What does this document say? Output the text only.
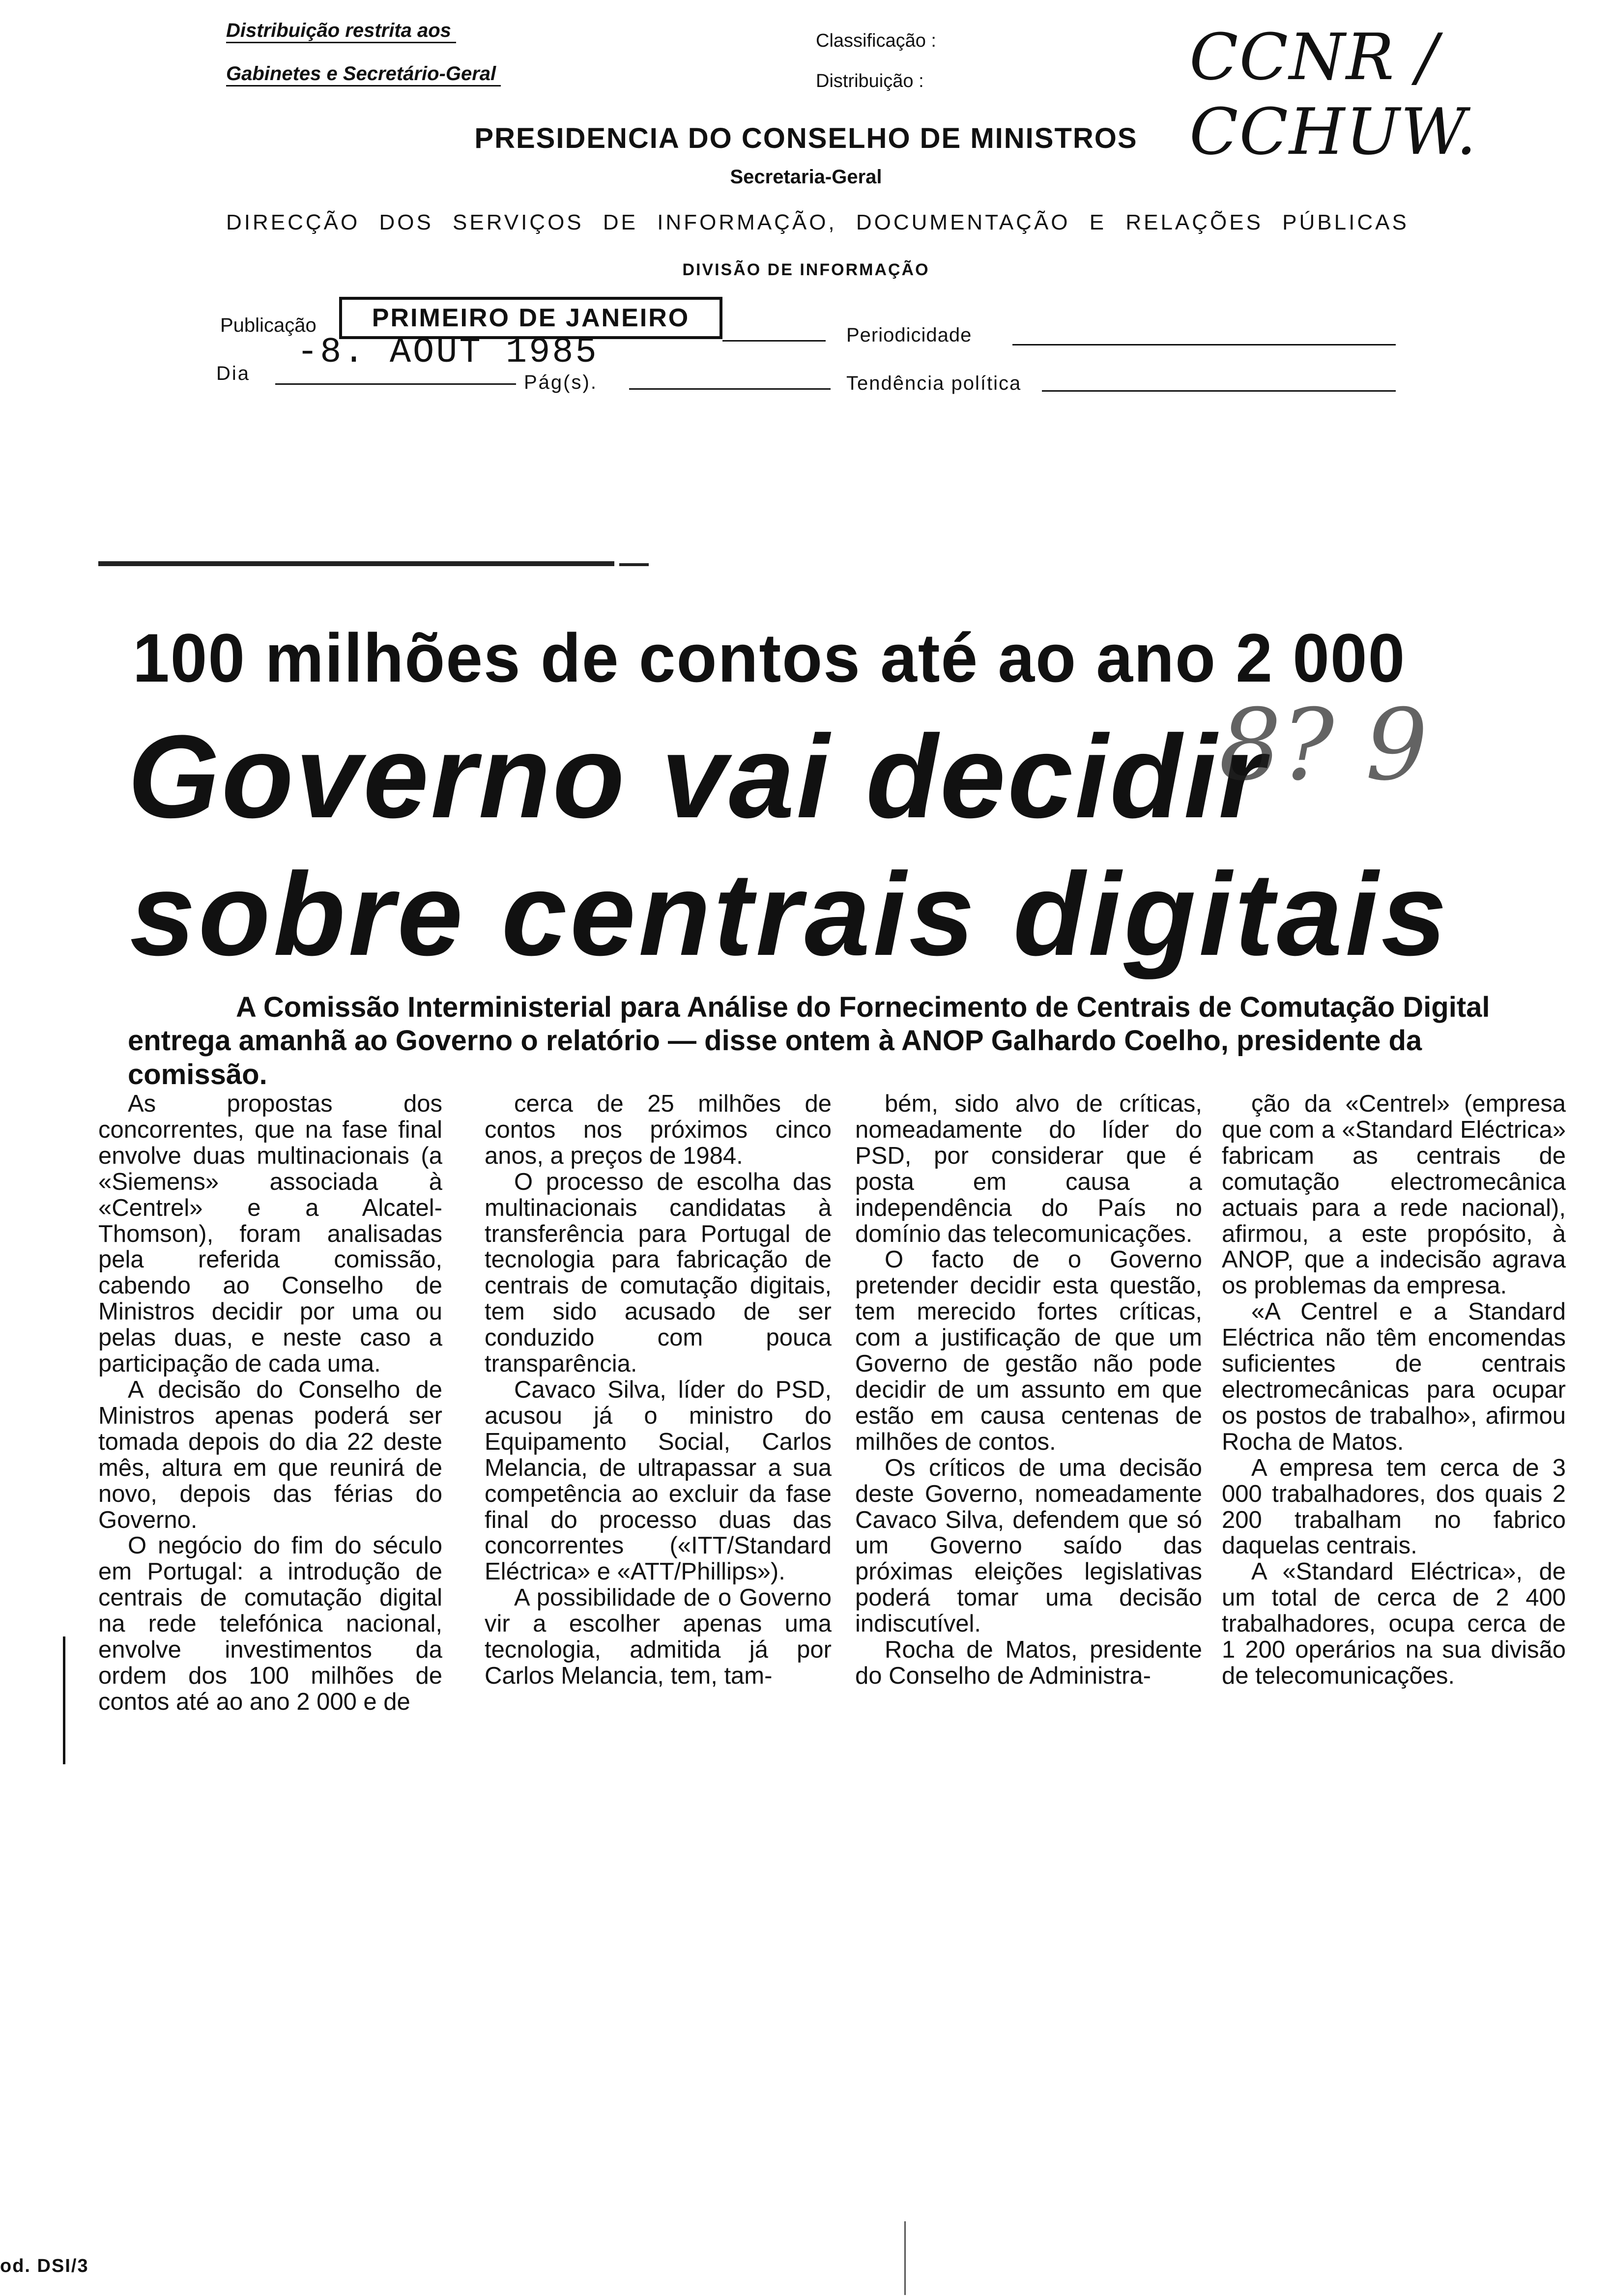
Distribuição restrita aos
Gabinetes e Secretário-Geral
Classificação :
Distribuição :	CCNR / CCHUW.
PRESIDENCIA DO CONSELHO DE MINISTROS
Secretaria-Geral
DIRECÇÃO DOS SERVIÇOS DE INFORMAÇÃO, DOCUMENTAÇÃO E RELAÇÕES PÚBLICAS
DIVISÃO DE INFORMAÇÃO
Publicação	PRIMEIRO DE JANEIRO
Periodicidade
Dia
-8. AOUT 1985
Pág(s).	Tendência política
100 milhões de contos até ao ano 2 000
Governo vai decidir
sobre centrais digitais
8? 9
A Comissão Interministerial para Análise do Fornecimento de Centrais de Comutação Digital entrega amanhã ao Governo o relatório — disse ontem à ANOP Galhardo Coelho, presidente da comissão.

As propostas dos concorrentes, que na fase final envolve duas multinacionais (a «Siemens» associada à «Centrel» e a Alcatel-Thomson), foram analisadas pela referida comissão, cabendo ao Conselho de Ministros decidir por uma ou pelas duas, e neste caso a participação de cada uma.

A decisão do Conselho de Ministros apenas poderá ser tomada depois do dia 22 deste mês, altura em que reunirá de novo, depois das férias do Governo.

O negócio do fim do século em Portugal: a introdução de centrais de comutação digital na rede telefónica nacional, envolve investimentos da ordem dos 100 milhões de contos até ao ano 2 000 e de

cerca de 25 milhões de contos nos próximos cinco anos, a preços de 1984.

O processo de escolha das multinacionais candidatas à transferência para Portugal de tecnologia para fabricação de centrais de comutação digitais, tem sido acusado de ser conduzido com pouca transparência.

Cavaco Silva, líder do PSD, acusou já o ministro do Equipamento Social, Carlos Melancia, de ultrapassar a sua competência ao excluir da fase final do processo duas das concorrentes («ITT/Standard Eléctrica» e «ATT/Phillips»).

A possibilidade de o Governo vir a escolher apenas uma tecnologia, admitida já por Carlos Melancia, tem, tam-

bém, sido alvo de críticas, nomeadamente do líder do PSD, por considerar que é posta em causa a independência do País no domínio das telecomunicações.

O facto de o Governo pretender decidir esta questão, tem merecido fortes críticas, com a justificação de que um Governo de gestão não pode decidir de um assunto em que estão em causa centenas de milhões de contos.

Os críticos de uma decisão deste Governo, nomeadamente Cavaco Silva, defendem que só um Governo saído das próximas eleições legislativas poderá tomar uma decisão indiscutível.

Rocha de Matos, presidente do Conselho de Administra-

ção da «Centrel» (empresa que com a «Standard Eléctrica» fabricam as centrais de comutação electromecânica actuais para a rede nacional), afirmou, a este propósito, à ANOP, que a indecisão agrava os problemas da empresa.

«A Centrel e a Standard Eléctrica não têm encomendas suficientes de centrais electromecânicas para ocupar os postos de trabalho», afirmou Rocha de Matos.

A empresa tem cerca de 3 000 trabalhadores, dos quais 2 200 trabalham no fabrico daquelas centrais.

A «Standard Eléctrica», de um total de cerca de 2 400 trabalhadores, ocupa cerca de 1 200 operários na sua divisão de telecomunicações.

od. DSI/3
